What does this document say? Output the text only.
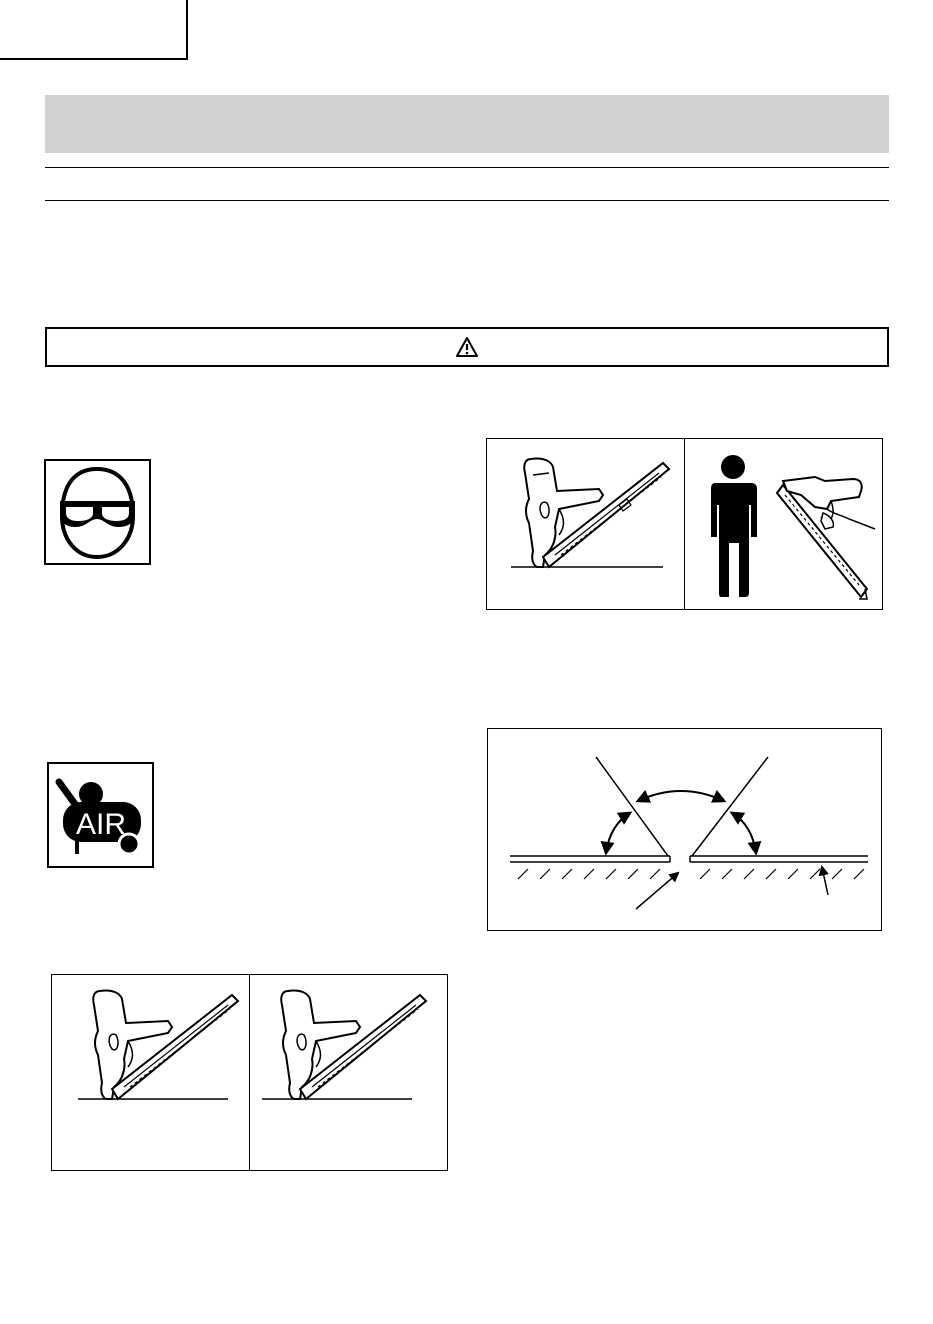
AIR
